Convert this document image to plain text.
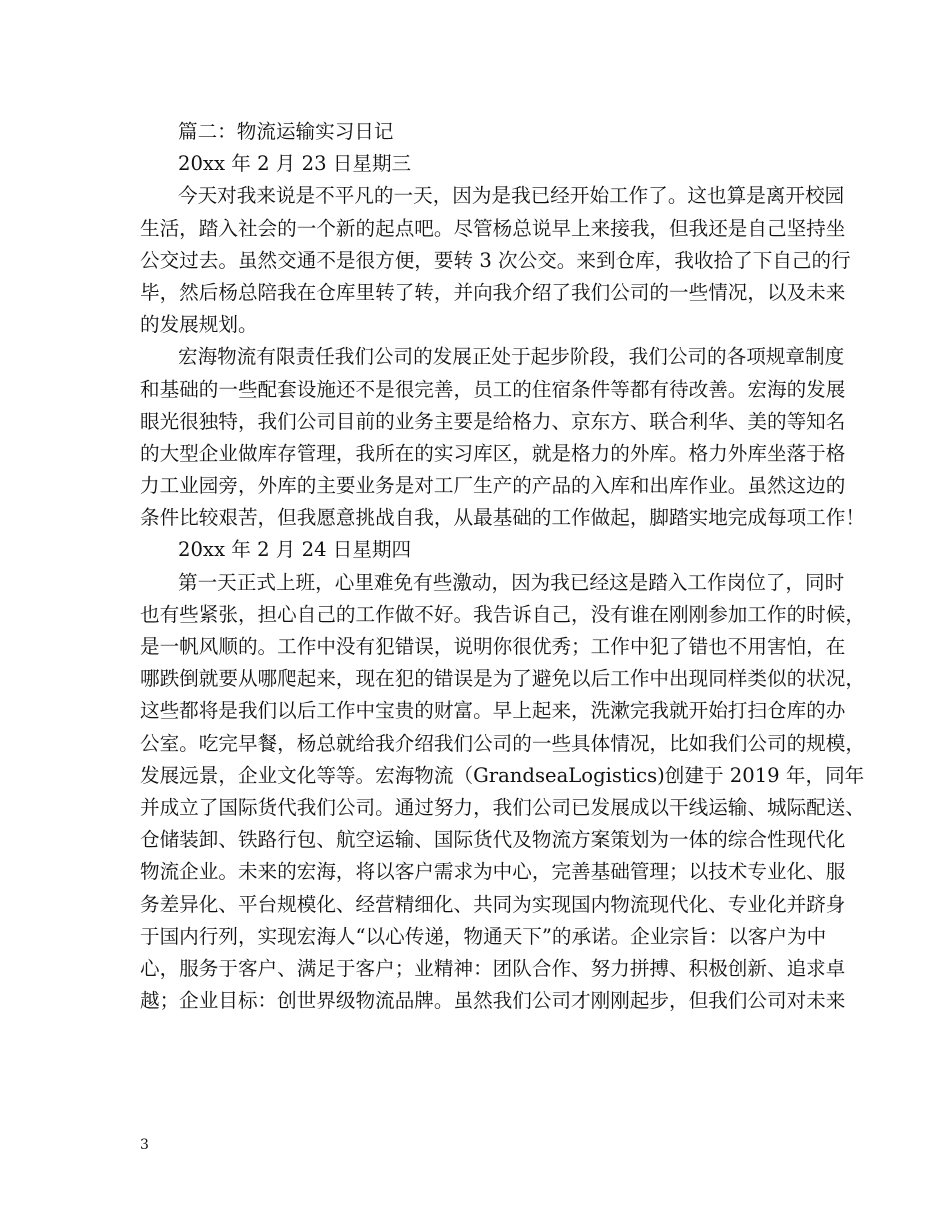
篇二：物流运输实习日记
20xx 年 2 月 23 日星期三
今天对我来说是不平凡的一天，因为是我已经开始工作了。这也算是离开校园
生活，踏入社会的一个新的起点吧。尽管杨总说早上来接我，但我还是自己坚持坐
公交过去。虽然交通不是很方便，要转 3 次公交。来到仓库，我收拾了下自己的行
毕，然后杨总陪我在仓库里转了转，并向我介绍了我们公司的一些情况，以及未来
的发展规划。
宏海物流有限责任我们公司的发展正处于起步阶段，我们公司的各项规章制度
和基础的一些配套设施还不是很完善，员工的住宿条件等都有待改善。宏海的发展
眼光很独特，我们公司目前的业务主要是给格力、京东方、联合利华、美的等知名
的大型企业做库存管理，我所在的实习库区，就是格力的外库。格力外库坐落于格
力工业园旁，外库的主要业务是对工厂生产的产品的入库和出库作业。虽然这边的
条件比较艰苦，但我愿意挑战自我，从最基础的工作做起，脚踏实地完成每项工作！
20xx 年 2 月 24 日星期四
第一天正式上班，心里难免有些激动，因为我已经这是踏入工作岗位了，同时
也有些紧张，担心自己的工作做不好。我告诉自己，没有谁在刚刚参加工作的时候，
是一帆风顺的。工作中没有犯错误，说明你很优秀；工作中犯了错也不用害怕，在
哪跌倒就要从哪爬起来，现在犯的错误是为了避免以后工作中出现同样类似的状况，
这些都将是我们以后工作中宝贵的财富。早上起来，洗漱完我就开始打扫仓库的办
公室。吃完早餐，杨总就给我介绍我们公司的一些具体情况，比如我们公司的规模，
发展远景，企业文化等等。宏海物流（GrandseaLogistics)创建于 2019 年，同年
并成立了国际货代我们公司。通过努力，我们公司已发展成以干线运输、城际配送、
仓储装卸、铁路行包、航空运输、国际货代及物流方案策划为一体的综合性现代化
物流企业。未来的宏海，将以客户需求为中心，完善基础管理；以技术专业化、服
务差异化、平台规模化、经营精细化、共同为实现国内物流现代化、专业化并跻身
于国内行列，实现宏海人“以心传递，物通天下”的承诺。企业宗旨：以客户为中
心，服务于客户、满足于客户；业精神：团队合作、努力拼搏、积极创新、追求卓
越；企业目标：创世界级物流品牌。虽然我们公司才刚刚起步，但我们公司对未来
3
